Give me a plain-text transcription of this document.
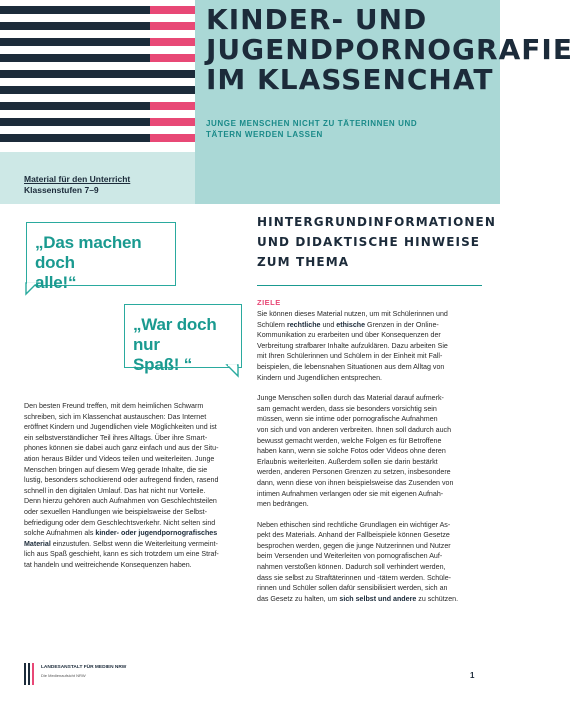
KINDER- UND
JUGENDPORNOGRAFIE
IM KLASSENCHAT

JUNGE MENSCHEN NICHT ZU TÄTERINNEN UND
TÄTERN WERDEN LASSEN

Material für den Unterricht
Klassenstufen 7–9
„Das machen doch
alle!“
„War doch nur
Spaß! “
HINTERGRUNDINFORMATIONEN
UND DIDAKTISCHE HINWEISE
ZUM THEMA
ZIELE
Sie können dieses Material nutzen, um mit Schülerinnen und
Schülern rechtliche und ethische Grenzen in der Online-
Kommunikation zu erarbeiten und über Konsequenzen der
Verbreitung strafbarer Inhalte aufzuklären. Dazu arbeiten Sie
mit Ihren Schülerinnen und Schülern in der Einheit mit Fall-
beispielen, die lebensnahen Situationen aus dem Alltag von
Kindern und Jugendlichen entsprechen.
Junge Menschen sollen durch das Material darauf aufmerk-
sam gemacht werden, dass sie besonders vorsichtig sein
müssen, wenn sie intime oder pornografische Aufnahmen
von sich und von anderen verbreiten. Ihnen soll dadurch auch
bewusst gemacht werden, welche Folgen es für Betroffene
haben kann, wenn sie solche Fotos oder Videos ohne deren
Erlaubnis weiterleiten. Außerdem sollen sie darin bestärkt
werden, anderen Personen Grenzen zu setzen, insbesondere
dann, wenn diese von ihnen beispielsweise das Zusenden von
intimen Aufnahmen verlangen oder sie mit eigenen Aufnah-
men bedrängen.
Neben ethischen sind rechtliche Grundlagen ein wichtiger As-
pekt des Materials. Anhand der Fallbeispiele können Gesetze
besprochen werden, gegen die junge Nutzerinnen und Nutzer
beim Versenden und Weiterleiten von pornografischen Auf-
nahmen verstoßen können. Dadurch soll verhindert werden,
dass sie selbst zu Straftäterinnen und -tätern werden. Schüle-
rinnen und Schüler sollen dafür sensibilisiert werden, sich an
das Gesetz zu halten, um sich selbst und andere zu schützen.
Den besten Freund treffen, mit dem heimlichen Schwarm
schreiben, sich im Klassenchat austauschen: Das Internet
eröffnet Kindern und Jugendlichen viele Möglichkeiten und ist
ein selbstverständlicher Teil ihres Alltags. Über ihre Smart-
phones können sie dabei auch ganz einfach und aus der Situ-
ation heraus Bilder und Videos teilen und weiterleiten. Junge
Menschen bringen auf diesem Weg gerade Inhalte, die sie
lustig, besonders schockierend oder aufregend finden, rasend
schnell in den digitalen Umlauf. Das hat nicht nur Vorteile.
Denn hierzu gehören auch Aufnahmen von Geschlechtsteilen
oder sexuellen Handlungen wie beispielsweise der Selbst-
befriedigung oder dem Geschlechtsverkehr. Nicht selten sind
solche Aufnahmen als kinder- oder jugendpornografisches
Material einzustufen. Selbst wenn die Weiterleitung vermeint-
lich aus Spaß geschieht, kann es sich trotzdem um eine Straf-
tat handeln und weitreichende Konsequenzen haben.
LANDESANSTALT FÜR MEDIEN NRW
Die Medienaufsicht NRW	1
